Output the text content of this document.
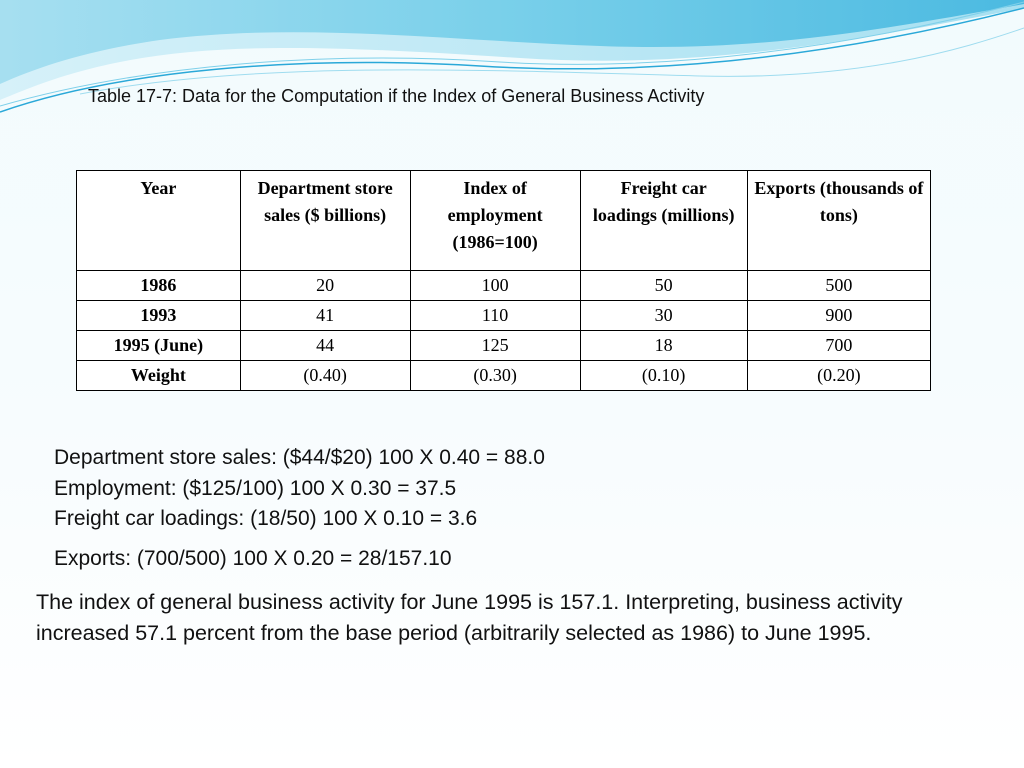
Table 17-7: Data for the Computation if the Index of General Business Activity
Year	Department store sales ($ billions)	Index of employment (1986=100)	Freight car loadings (millions)	Exports (thousands of tons)
1986	20	100	50	500
1993	41	110	30	900
1995 (June)	44	125	18	700
Weight	(0.40)	(0.30)	(0.10)	(0.20)
Department store sales: ($44/$20) 100 X 0.40 = 88.0
Employment: ($125/100) 100 X 0.30 = 37.5
Freight car loadings: (18/50) 100 X 0.10 = 3.6
Exports: (700/500) 100 X 0.20 = 28/157.10
The index of general business activity for June 1995 is 157.1. Interpreting, business activity increased 57.1 percent from the base period (arbitrarily selected as 1986) to June 1995.
